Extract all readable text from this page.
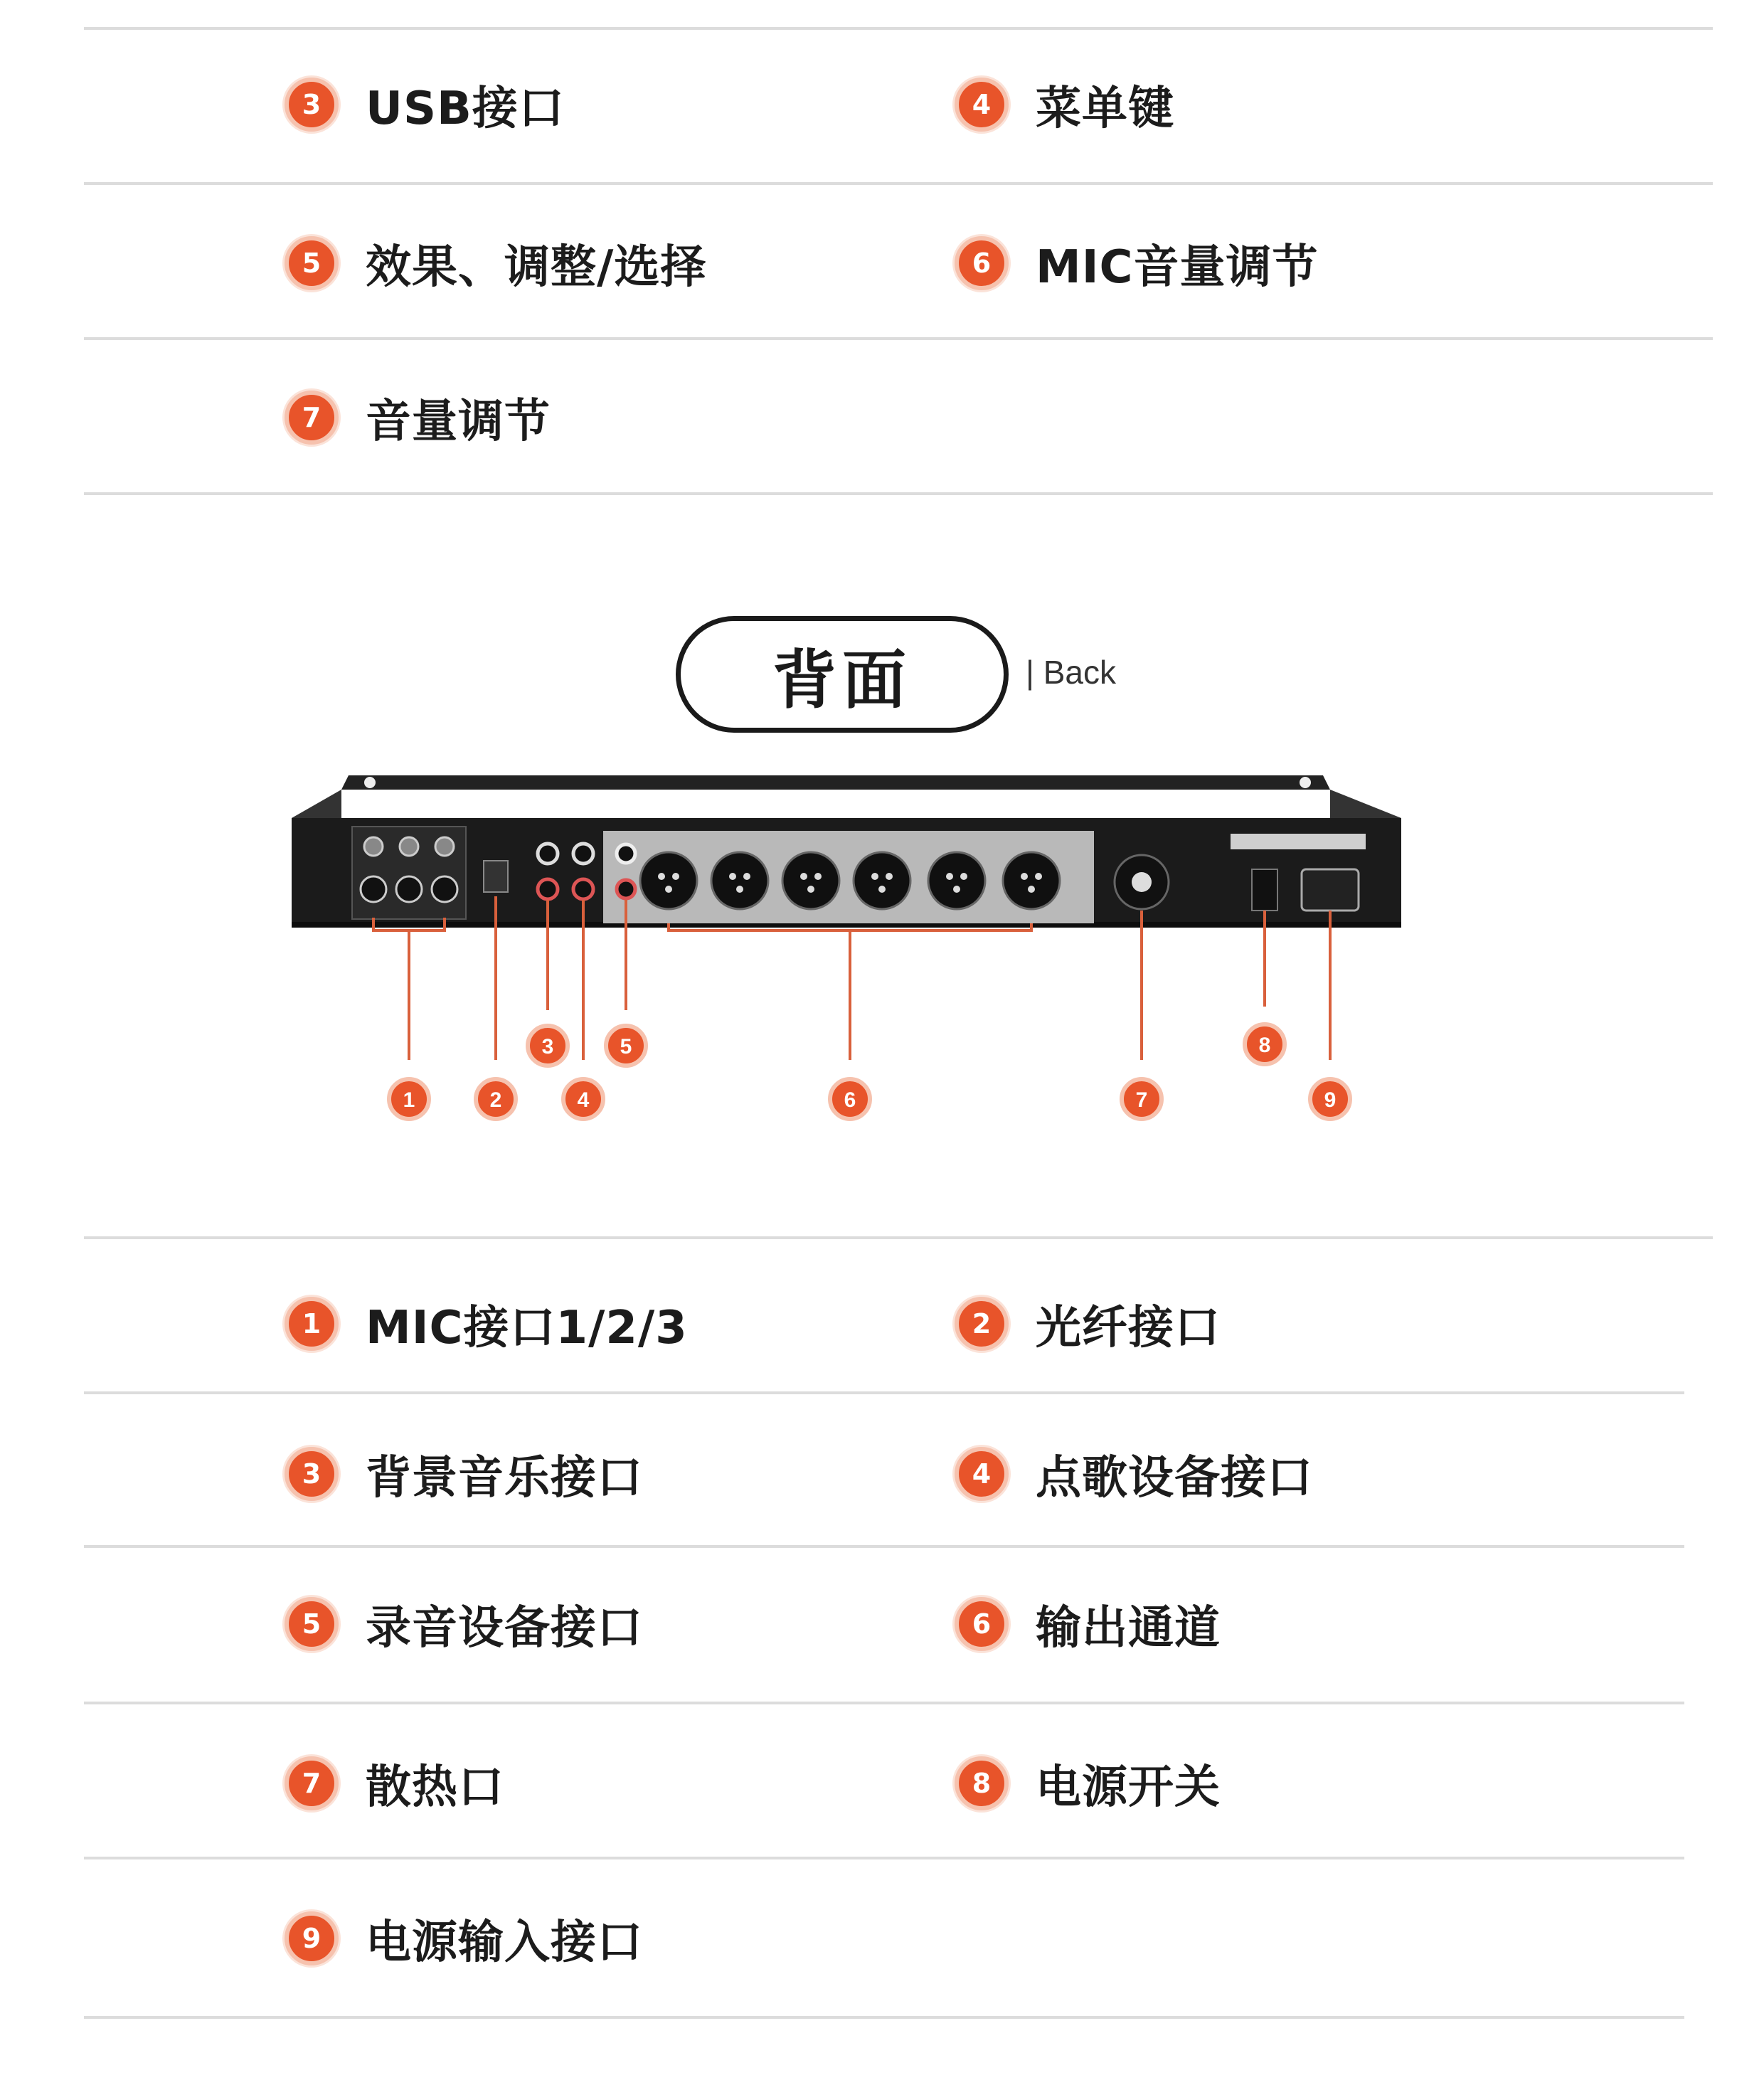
3 USB接口	4 菜单键
5 效果、调整/选择	6 MIC音量调节
7 音量调节
背面	| Back
1	2
3
4
5
6	7
8
9
1 MIC接口1/2/3	2 光纤接口
3 背景音乐接口	4 点歌设备接口
5 录音设备接口	6 输出通道
7 散热口	8 电源开关
9 电源输入接口
